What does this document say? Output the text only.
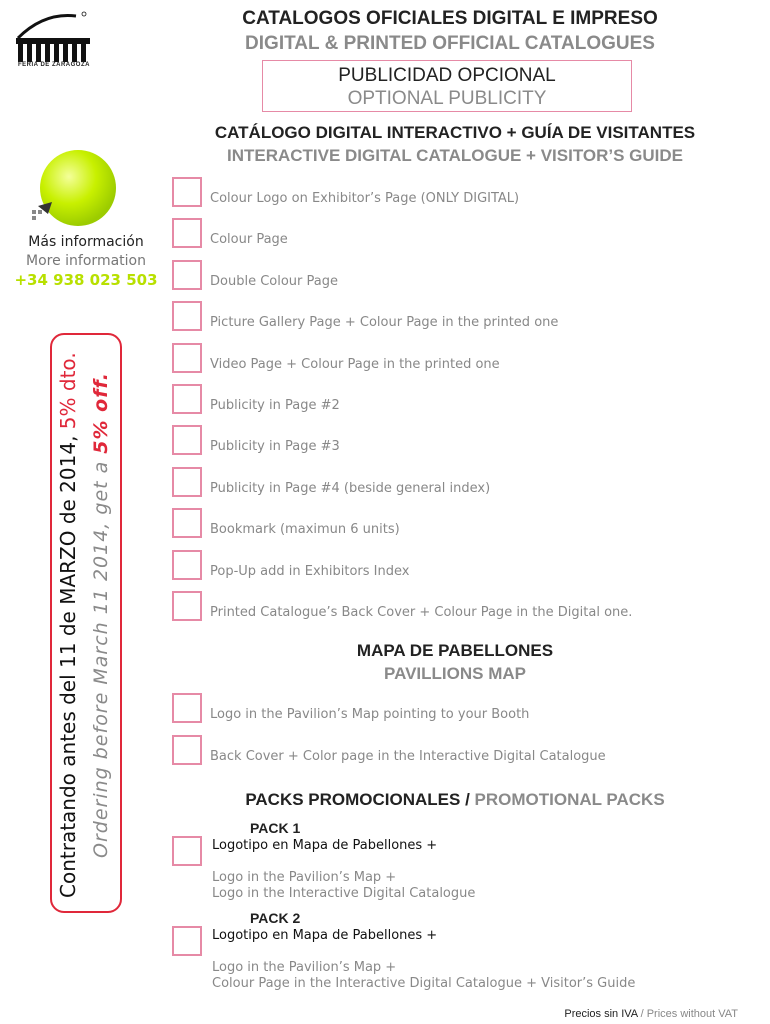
FERIA DE ZARAGOZA
CATALOGOS OFICIALES DIGITAL E IMPRESO
DIGITAL & PRINTED OFFICIAL CATALOGUES
PUBLICIDAD OPCIONAL
OPTIONAL PUBLICITY
Más información
More information
+34 938 023 503
Contratando antes del 11 de MARZO de 2014, 5% dto.
Ordering before March 11 2014, get a 5% off.
CATÁLOGO DIGITAL INTERACTIVO + GUÍA DE VISITANTES
INTERACTIVE DIGITAL CATALOGUE + VISITOR’S GUIDE
Colour Logo on Exhibitor’s Page (ONLY DIGITAL)
Colour Page
Double Colour Page
Picture Gallery Page + Colour Page in the printed one
Video Page + Colour Page in the printed one
Publicity in Page #2
Publicity in Page #3
Publicity in Page #4 (beside general index)
Bookmark (maximun 6 units)
Pop-Up add in Exhibitors Index
Printed Catalogue’s Back Cover + Colour Page in the Digital one.
MAPA DE PABELLONES
PAVILLIONS MAP
Logo in the Pavilion’s Map pointing to your Booth
Back Cover + Color page in the Interactive Digital Catalogue
PACKS PROMOCIONALES / PROMOTIONAL PACKS
PACK 1
Logotipo en Mapa de Pabellones +
Logo in the Pavilion’s Map +
Logo in the Interactive Digital Catalogue
PACK 2
Logotipo en Mapa de Pabellones +
Logo in the Pavilion’s Map +
Colour Page in the Interactive Digital Catalogue + Visitor’s Guide
Precios sin IVA / Prices without VAT
